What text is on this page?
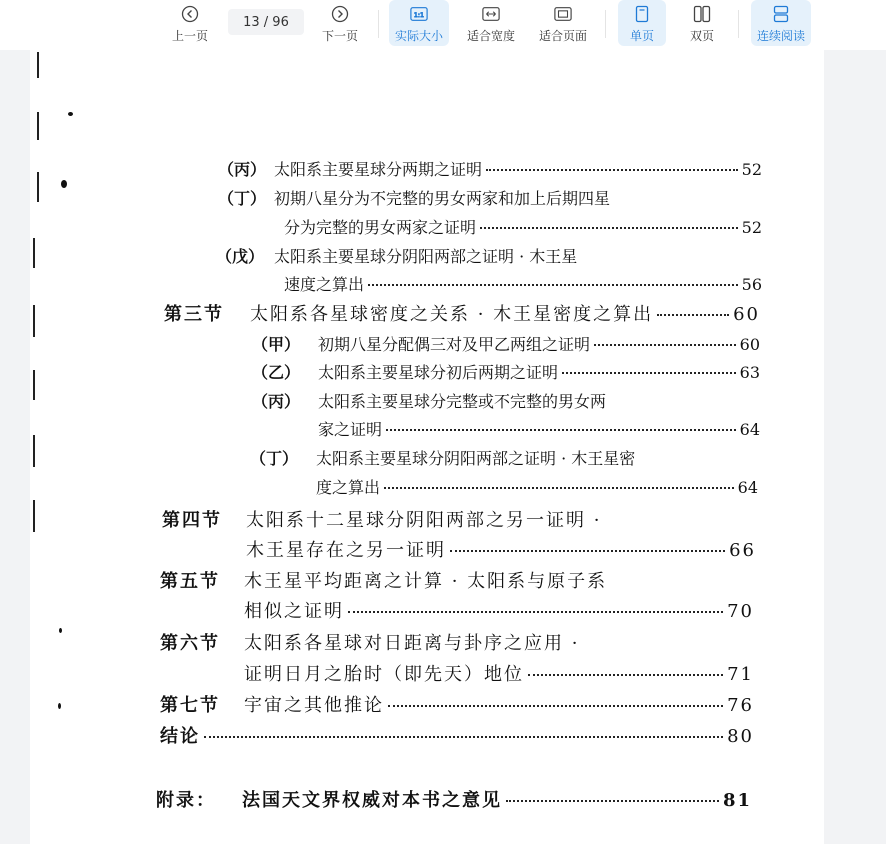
上一页
13 / 96
下一页
1:1
实际大小 适合宽度 适合页面	单页	双页	连续阅读
（丙） 太阳系主要星球分两期之证明	52
（丁） 初期八星分为不完整的男女两家和加上后期四星
分为完整的男女两家之证明	52
（戊） 太阳系主要星球分阴阳两部之证明 · 木王星
速度之算出	56
第三节	太阳系各星球密度之关系 · 木王星密度之算出	60
（甲）	初期八星分配偶三对及甲乙两组之证明	60
（乙）	太阳系主要星球分初后两期之证明	63
（丙）	太阳系主要星球分完整或不完整的男女两
家之证明	64
（丁）	太阳系主要星球分阴阳两部之证明 · 木王星密
度之算出	64
第四节	太阳系十二星球分阴阳两部之另一证明 ·
木王星存在之另一证明	66
第五节	木王星平均距离之计算 · 太阳系与原子系
相似之证明	70
第六节	太阳系各星球对日距离与卦序之应用 ·
证明日月之胎时（即先天）地位	71
第七节	宇宙之其他推论	76
结论	80
附录：	法国天文界权威对本书之意见	81
